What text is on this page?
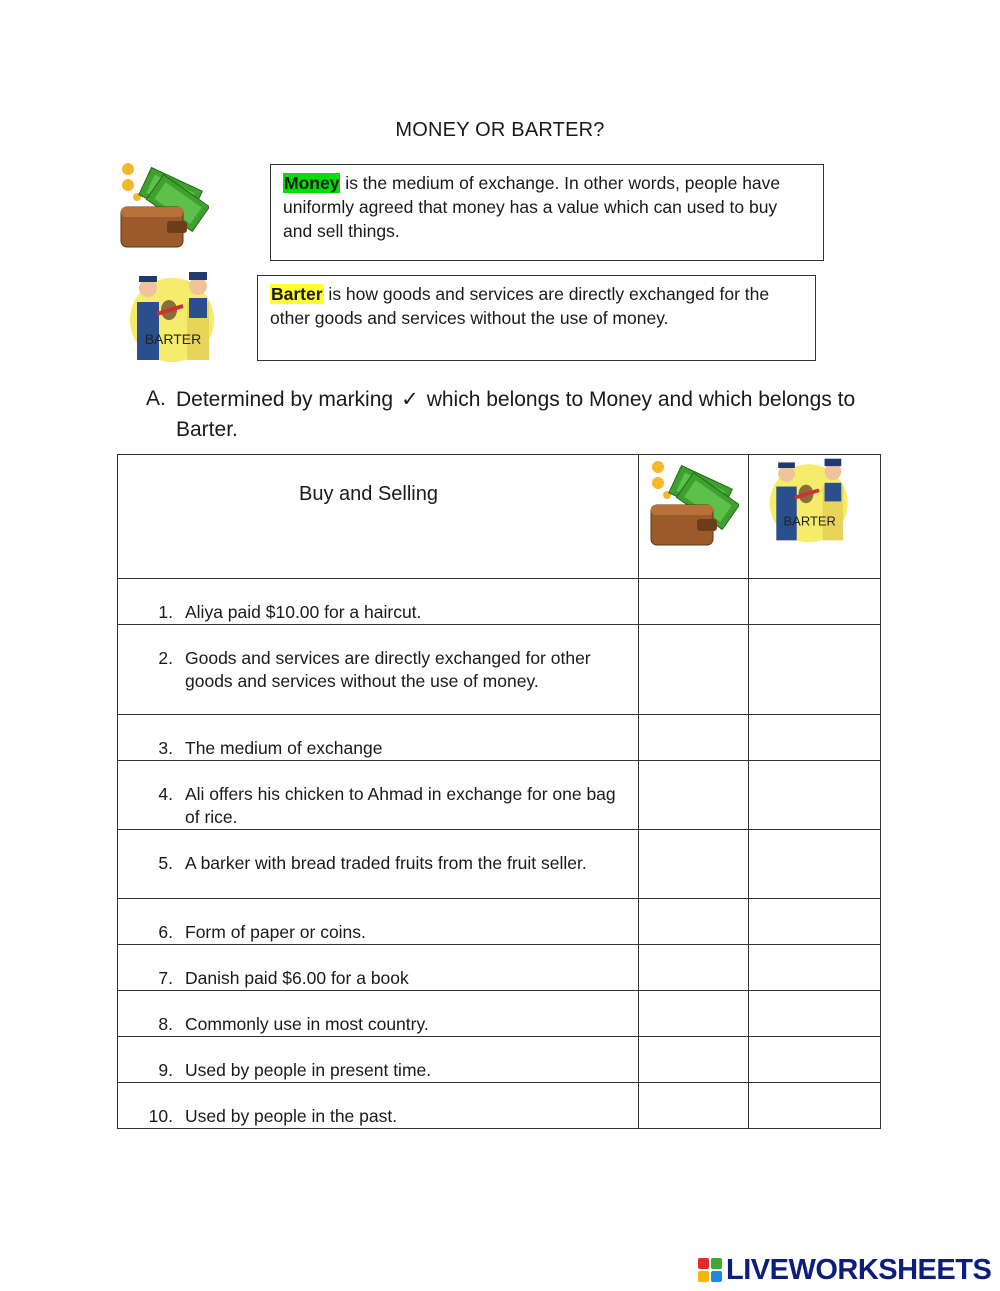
MONEY OR BARTER?
Money is the medium of exchange. In other words, people have uniformly agreed that money has a value which can used to buy and sell things.
BARTER
Barter is how goods and services are directly exchanged for the other goods and services without the use of money.
A. Determined by marking ✓ which belongs to Money and which belongs to Barter.
Buy and Selling		BARTER

1. Aliya paid $10.00 for a haircut.		

2. Goods and services are directly exchanged for other goods and services without the use of money.		

3. The medium of exchange		

4. Ali offers his chicken to Ahmad in exchange for one bag of rice.		

5. A barker with bread traded fruits from the fruit seller.		

6. Form of paper or coins.		

7. Danish paid $6.00 for a book		

8. Commonly use in most country.		

9. Used by people in present time.		

10. Used by people in the past.		

LIVEWORKSHEETS
